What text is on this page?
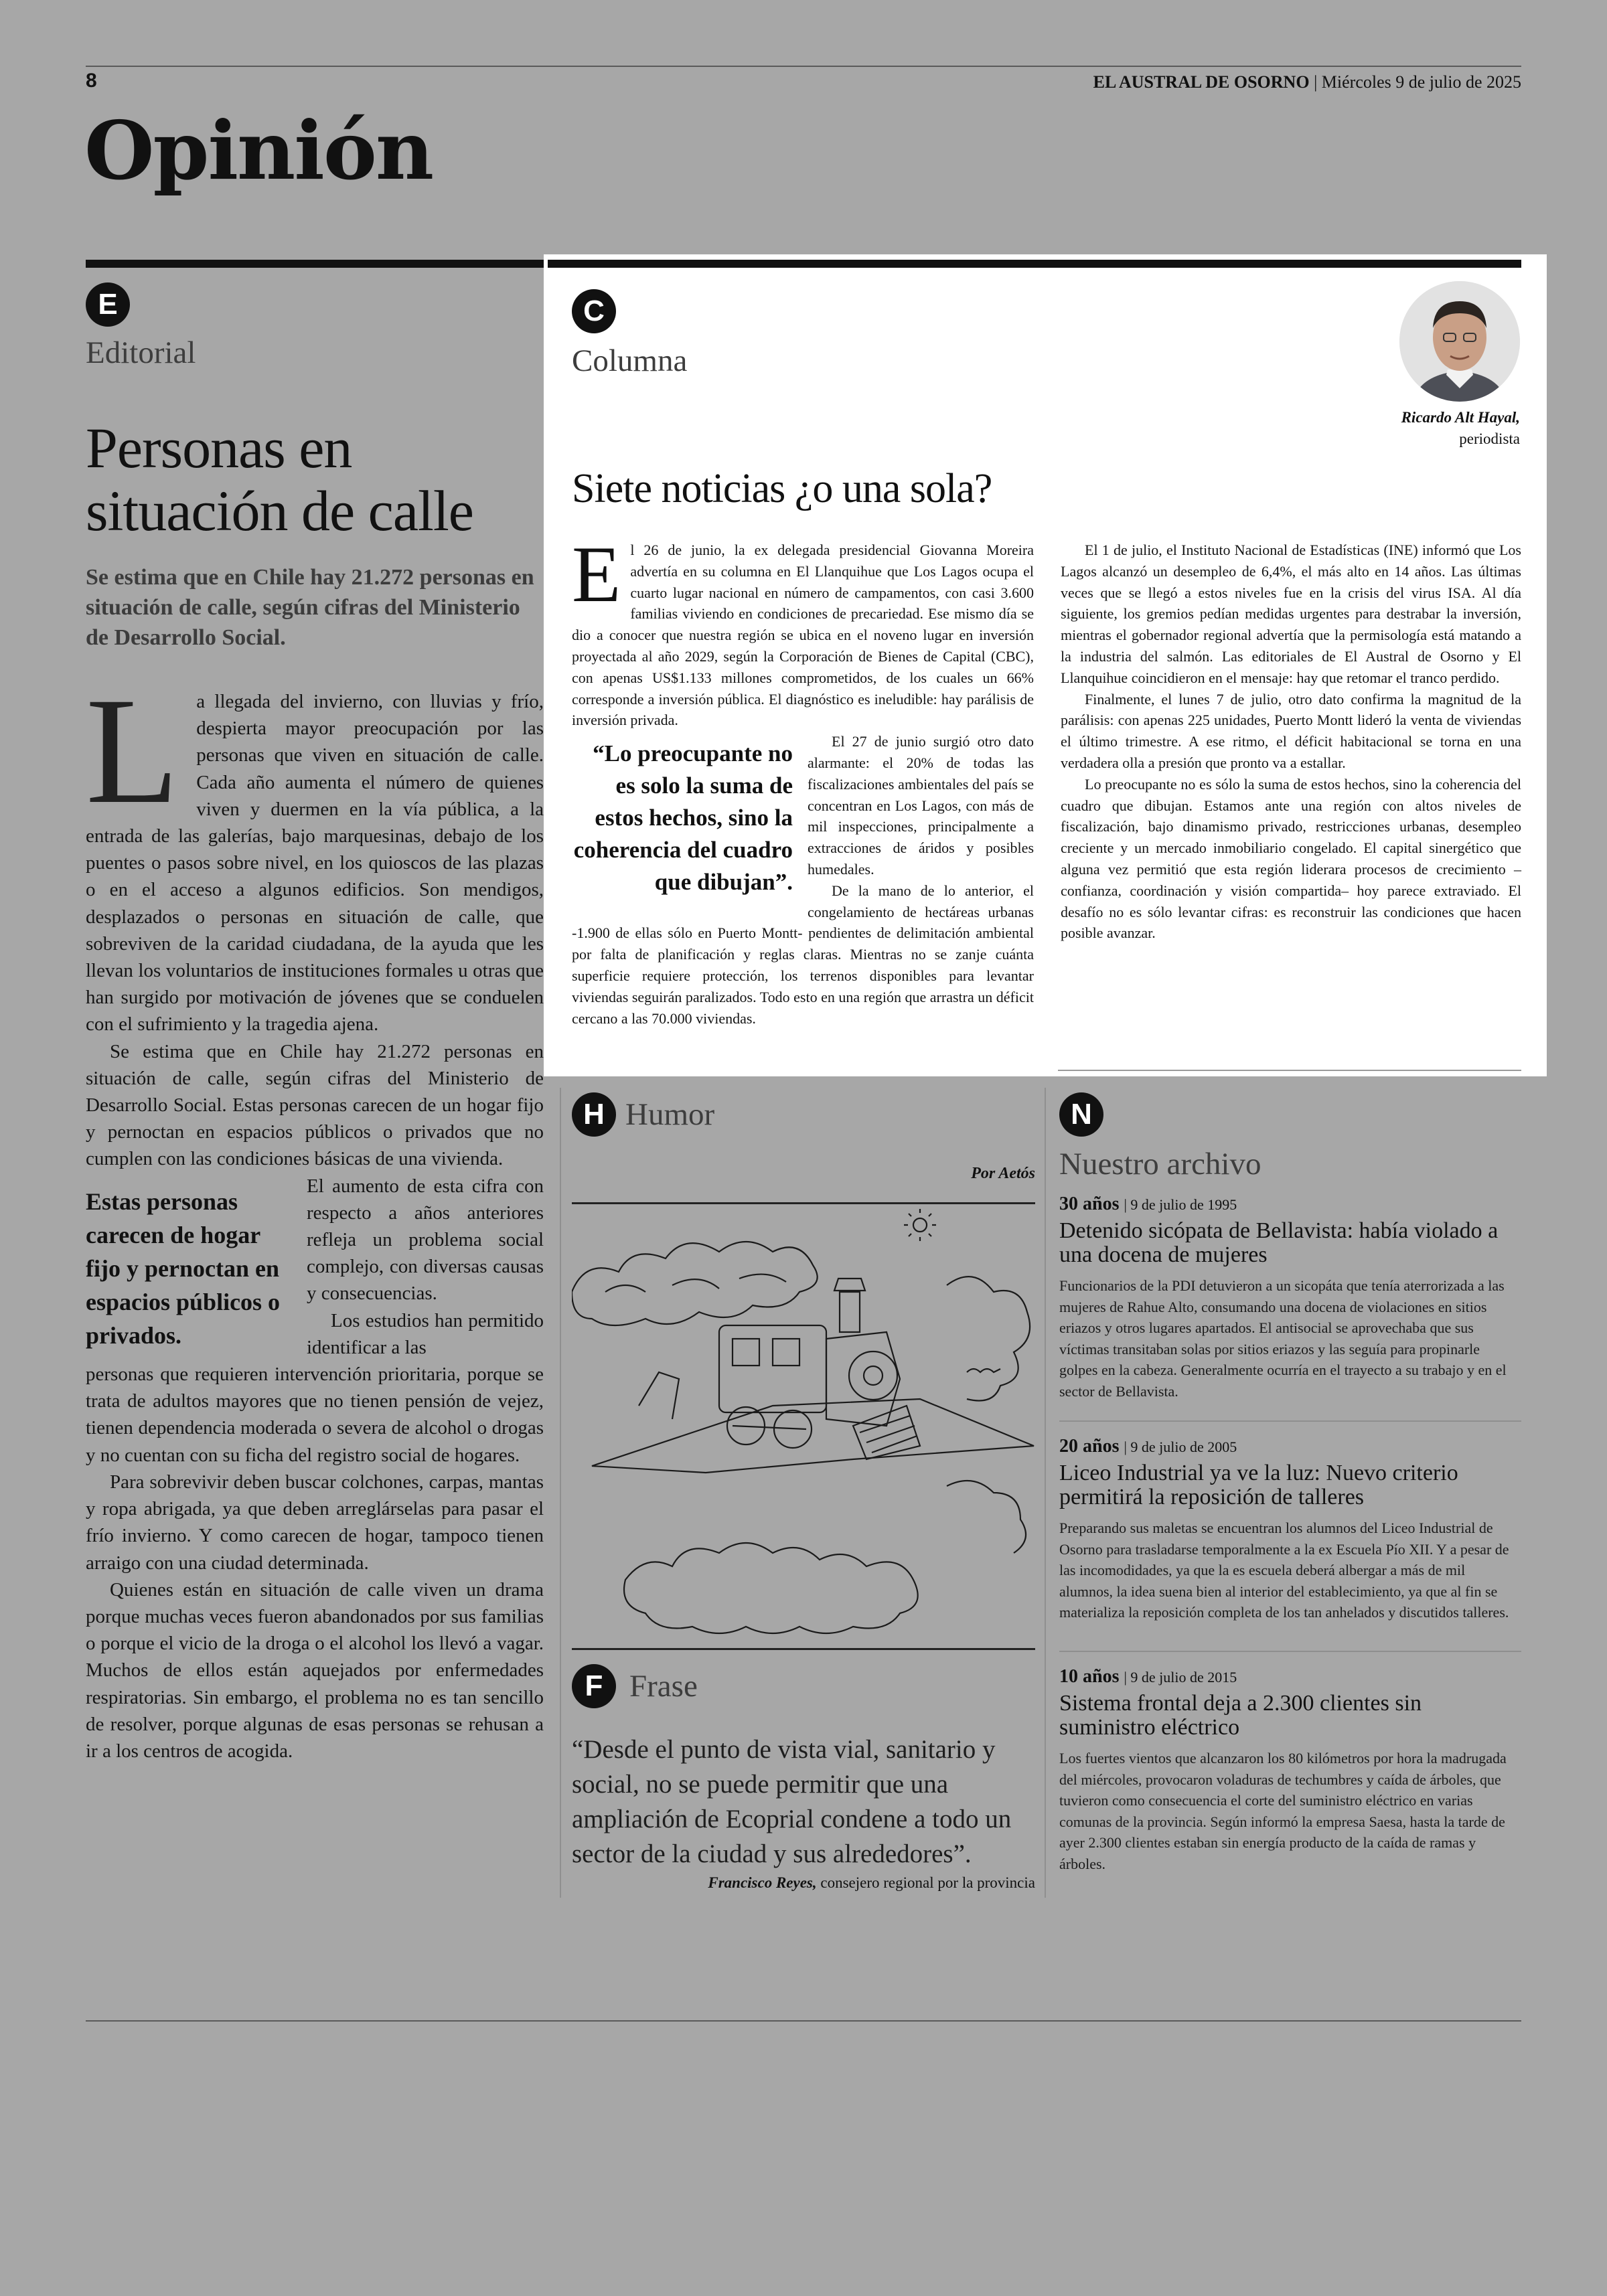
8	EL AUSTRAL DE OSORNO | Miércoles 9 de julio de 2025
Opinión
E
Editorial
Personas en
situación de calle
Se estima que en Chile hay 21.272 personas en situación de calle, según cifras del Ministerio de Desarrollo Social.
L a llegada del invierno, con lluvias y frío, despierta mayor preocupación por las personas que viven en situación de calle. Cada año aumenta el número de quienes viven y duermen en la vía pública, a la entrada de las galerías, bajo marquesinas, debajo de los puentes o pasos sobre nivel, en los quioscos de las plazas o en el acceso a algunos edificios. Son mendigos, desplazados o personas en situación de calle, que sobreviven de la caridad ciudadana, de la ayuda que les llevan los voluntarios de instituciones formales u otras que han surgido por motivación de jóvenes que se conduelen con el sufrimiento y la tragedia ajena.

Se estima que en Chile hay 21.272 personas en situación de calle, según cifras del Ministerio de Desarrollo Social. Estas personas carecen de un hogar fijo y pernoctan en espacios públicos o privados que no cumplen con las condiciones básicas de una vivienda.

Estas personas carecen de hogar fijo y pernoctan en espacios públicos o privados.

El aumento de esta cifra con respecto a años anteriores refleja un problema social complejo, con diversas causas y consecuencias.

Los estudios han permitido identificar a las

personas que requieren intervención prioritaria, porque se trata de adultos mayores que no tienen pensión de vejez, tienen dependencia moderada o severa de alcohol o drogas y no cuentan con su ficha del registro social de hogares.

Para sobrevivir deben buscar colchones, carpas, mantas y ropa abrigada, ya que deben arreglárselas para pasar el frío invierno. Y como carecen de hogar, tampoco tienen arraigo con una ciudad determinada.

Quienes están en situación de calle viven un drama porque muchas veces fueron abandonados por sus familias o porque el vicio de la droga o el alcohol los llevó a vagar. Muchos de ellos están aquejados por enfermedades respiratorias. Sin embargo, el problema no es tan sencillo de resolver, porque algunas de esas personas se rehusan a ir a los centros de acogida.

C
Columna
Ricardo Alt Hayal,
periodista
Siete noticias ¿o una sola?
E l 26 de junio, la ex delegada presidencial Giovanna Moreira advertía en su columna en El Llanquihue que Los Lagos ocupa el cuarto lugar nacional en número de campamentos, con casi 3.600 familias viviendo en condiciones de precariedad. Ese mismo día se dio a conocer que nuestra región se ubica en el noveno lugar en inversión proyectada al año 2029, según la Corporación de Bienes de Capital (CBC), con apenas US$1.133 millones comprometidos, de los cuales un 66% corresponde a inversión pública. El diagnóstico es ineludible: hay parálisis de inversión privada.

“Lo preocupante no es solo la suma de estos hechos, sino la coherencia del cuadro que dibujan”.

El 27 de junio surgió otro dato alarmante: el 20% de todas las fiscalizaciones ambientales del país se concentran en Los Lagos, con más de mil inspecciones, principalmente a extracciones de áridos y posibles humedales.

De la mano de lo anterior, el congelamiento de hectáreas urbanas -1.900 de ellas sólo en Puerto Montt- pendientes de delimitación ambiental por falta de planificación y reglas claras. Mientras no se zanje cuánta superficie requiere protección, los terrenos disponibles para levantar viviendas seguirán paralizados. Todo esto en una región que arrastra un déficit cercano a las 70.000 viviendas.

El 1 de julio, el Instituto Nacional de Estadísticas (INE) informó que Los Lagos alcanzó un desempleo de 6,4%, el más alto en 14 años. Las últimas veces que se llegó a estos niveles fue en la crisis del virus ISA. Al día siguiente, los gremios pedían medidas urgentes para destrabar la inversión, mientras el gobernador regional advertía que la permisología está matando a la industria del salmón. Las editoriales de El Austral de Osorno y El Llanquihue coincidieron en el mensaje: hay que retomar el tranco perdido.

Finalmente, el lunes 7 de julio, otro dato confirma la magnitud de la parálisis: con apenas 225 unidades, Puerto Montt lideró la venta de viviendas el último trimestre. A ese ritmo, el déficit habitacional se torna en una verdadera olla a presión que pronto va a estallar.

Lo preocupante no es sólo la suma de estos hechos, sino la coherencia del cuadro que dibujan. Estamos ante una región con altos niveles de fiscalización, bajo dinamismo privado, restricciones urbanas, desempleo creciente y un mercado inmobiliario congelado. El capital sinergético que alguna vez permitió que esta región liderara procesos de crecimiento –confianza, coordinación y visión compartida– hoy parece extraviado. El desafío no es sólo levantar cifras: es reconstruir las condiciones que hacen posible avanzar.

H Humor
Por Aetós
F Frase
“Desde el punto de vista vial, sanitario y social, no se puede permitir que una ampliación de Ecoprial condene a todo un sector de la ciudad y sus alrededores”.
Francisco Reyes, consejero regional por la provincia
N
Nuestro archivo
30 años | 9 de julio de 1995
Detenido sicópata de Bellavista: había violado a una docena de mujeres
Funcionarios de la PDI detuvieron a un sicopáta que tenía aterrorizada a las mujeres de Rahue Alto, consumando una docena de violaciones en sitios eriazos y otros lugares apartados. El antisocial se aprovechaba que sus víctimas transitaban solas por sitios eriazos y las seguía para propinarle golpes en la cabeza. Generalmente ocurría en el trayecto a su trabajo y en el sector de Bellavista.
20 años | 9 de julio de 2005
Liceo Industrial ya ve la luz: Nuevo criterio permitirá la reposición de talleres
Preparando sus maletas se encuentran los alumnos del Liceo Industrial de Osorno para trasladarse temporalmente a la ex Escuela Pío XII. Y a pesar de las incomodidades, ya que la es escuela deberá albergar a más de mil alumnos, la idea suena bien al interior del establecimiento, ya que al fin se materializa la reposición completa de los tan anhelados y discutidos talleres.
10 años | 9 de julio de 2015
Sistema frontal deja a 2.300 clientes sin suministro eléctrico
Los fuertes vientos que alcanzaron los 80 kilómetros por hora la madrugada del miércoles, provocaron voladuras de techumbres y caída de árboles, que tuvieron como consecuencia el corte del suministro eléctrico en varias comunas de la provincia. Según informó la empresa Saesa, hasta la tarde de ayer 2.300 clientes estaban sin energía producto de la caída de ramas y árboles.
